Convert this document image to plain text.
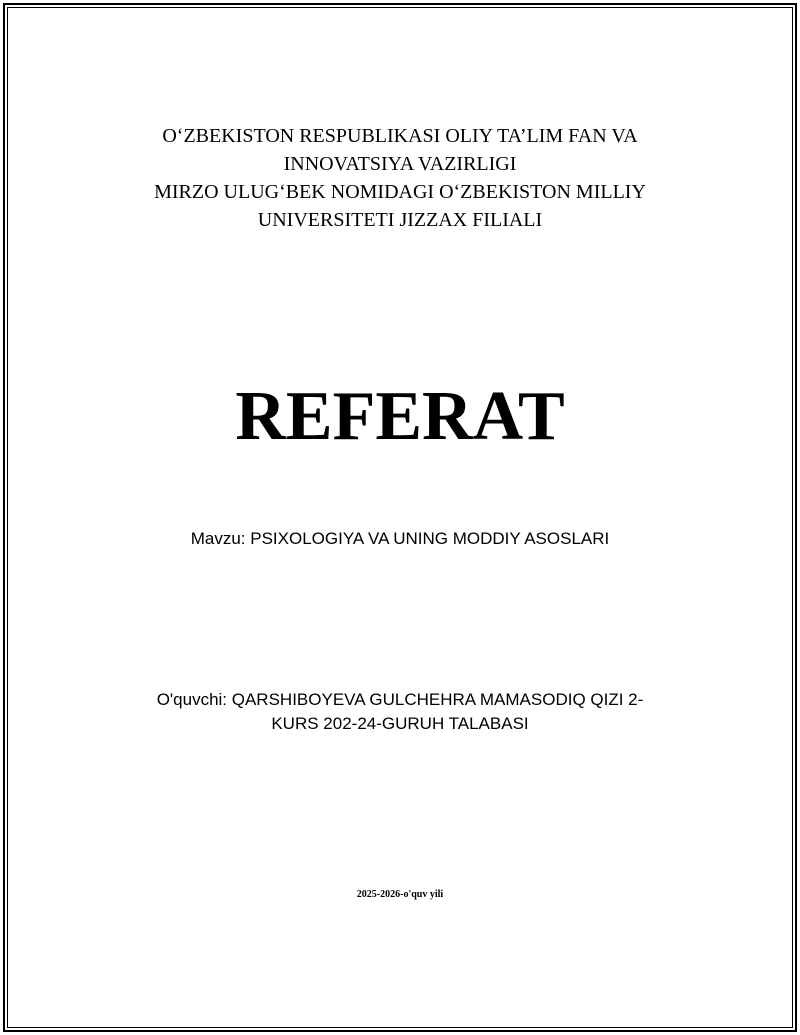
O‘ZBEKISTON RESPUBLIKASI OLIY TA’LIM FAN VA
INNOVATSIYA VAZIRLIGI
MIRZO ULUG‘BEK NOMIDAGI O‘ZBEKISTON MILLIY
UNIVERSITETI JIZZAX FILIALI
REFERAT
Mavzu: PSIXOLOGIYA VA UNING MODDIY ASOSLARI
O'quvchi: QARSHIBOYEVA GULCHEHRA MAMASODIQ QIZI 2-
KURS 202-24-GURUH TALABASI
2025-2026-o'quv yili
